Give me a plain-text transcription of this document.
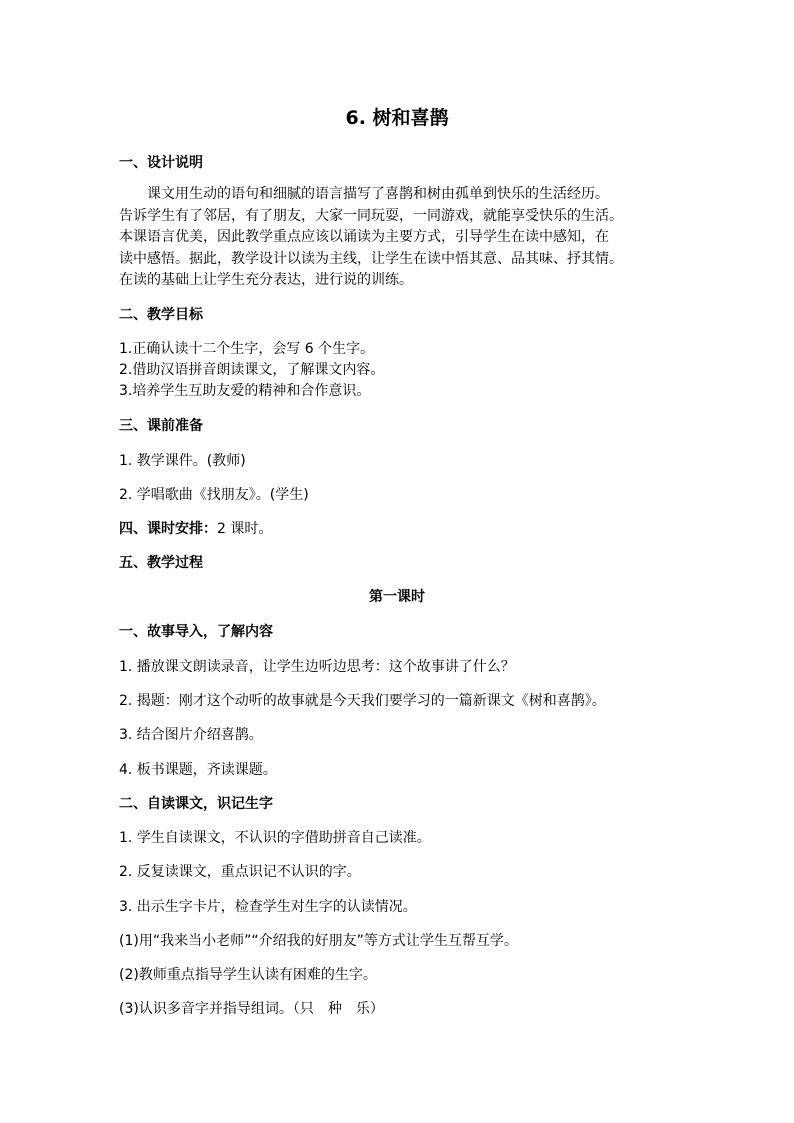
6. 树和喜鹊
一、设计说明
课文用生动的语句和细腻的语言描写了喜鹊和树由孤单到快乐的生活经历。
告诉学生有了邻居，有了朋友，大家一同玩耍，一同游戏，就能享受快乐的生活。
本课语言优美，因此教学重点应该以诵读为主要方式，引导学生在读中感知，在
读中感悟。据此，教学设计以读为主线，让学生在读中悟其意、品其味、抒其情。
在读的基础上让学生充分表达，进行说的训练。
二、教学目标
1.正确认读十二个生字，会写 6 个生字。
2.借助汉语拼音朗读课文，了解课文内容。
3.培养学生互助友爱的精神和合作意识。
三、课前准备
1. 教学课件。(教师)
2. 学唱歌曲《找朋友》。(学生)
四、课时安排：2 课时。
五、教学过程
第一课时
一、故事导入，了解内容
1. 播放课文朗读录音，让学生边听边思考：这个故事讲了什么？
2. 揭题：刚才这个动听的故事就是今天我们要学习的一篇新课文《树和喜鹊》。
3. 结合图片介绍喜鹊。
4. 板书课题，齐读课题。
二、自读课文，识记生字
1. 学生自读课文，不认识的字借助拼音自己读准。
2. 反复读课文，重点识记不认识的字。
3. 出示生字卡片，检查学生对生字的认读情况。
(1)用“我来当小老师”“介绍我的好朋友”等方式让学生互帮互学。
(2)教师重点指导学生认读有困难的生字。
(3)认识多音字并指导组词。（只　种　乐）
